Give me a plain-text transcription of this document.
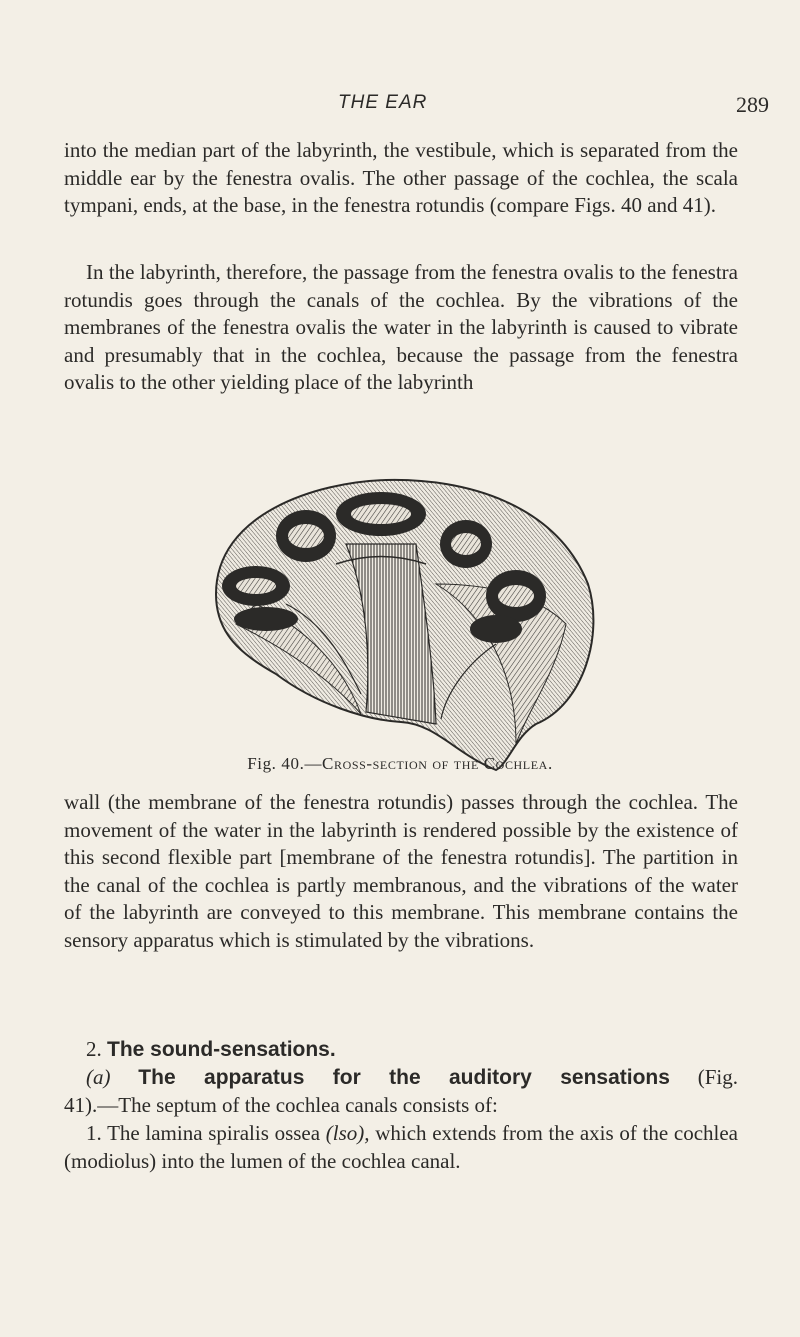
THE EAR	289

into the median part of the labyrinth, the vestibule, which is separated from the middle ear by the fenestra ovalis. The other passage of the cochlea, the scala tympani, ends, at the base, in the fenestra rotundis (compare Figs. 40 and 41).

In the labyrinth, therefore, the passage from the fenestra ovalis to the fenestra rotundis goes through the canals of the cochlea. By the vibrations of the membranes of the fenestra ovalis the water in the labyrinth is caused to vibrate and presumably that in the cochlea, because the passage from the fenestra ovalis to the other yielding place of the labyrinth

Fig. 40.—Cross-section of the Cochlea.

wall (the membrane of the fenestra rotundis) passes through the cochlea. The movement of the water in the labyrinth is rendered possible by the existence of this second flexible part [membrane of the fenestra rotundis]. The partition in the canal of the cochlea is partly membranous, and the vibrations of the water of the labyrinth are conveyed to this membrane. This membrane contains the sensory apparatus which is stimulated by the vibrations.

2. The sound-sensations.
(a) The apparatus for the auditory sensations (Fig.
41).—The septum of the cochlea canals consists of:

1. The lamina spiralis ossea (lso), which extends from the axis of the cochlea (modiolus) into the lumen of the cochlea canal.
